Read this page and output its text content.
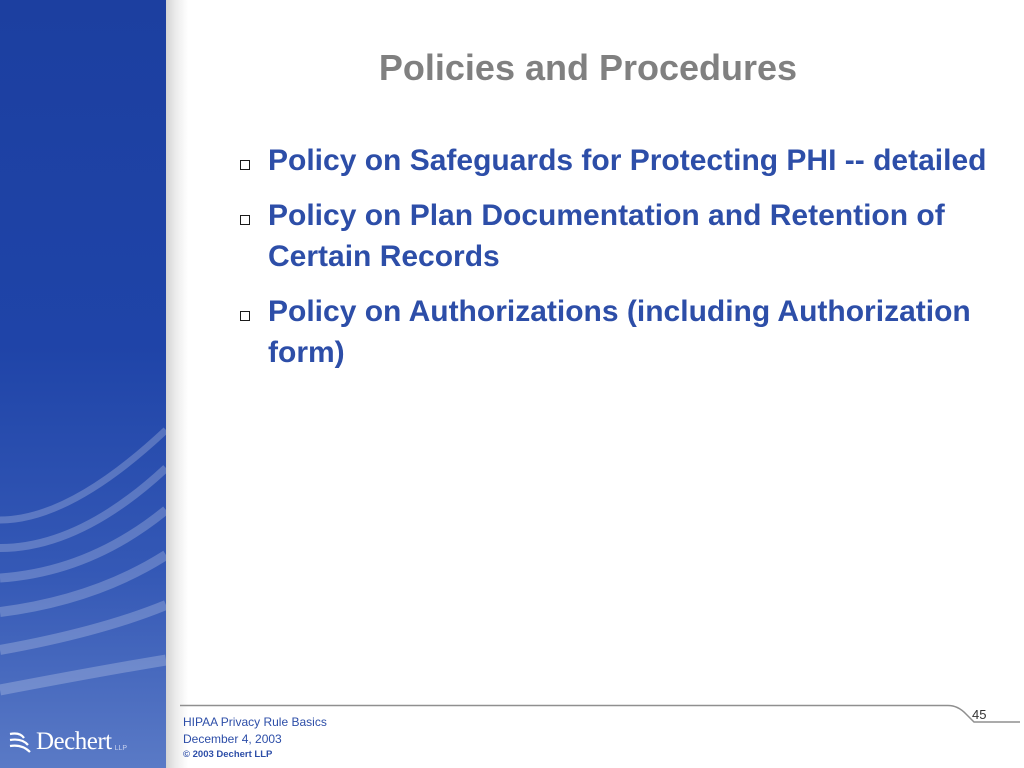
Policies and Procedures
Policy on Safeguards for Protecting PHI -- detailed
Policy on Plan Documentation and Retention of Certain Records
Policy on Authorizations (including Authorization form)
45
HIPAA Privacy Rule Basics
December 4, 2003
© 2003 Dechert LLP
Dechert LLP
